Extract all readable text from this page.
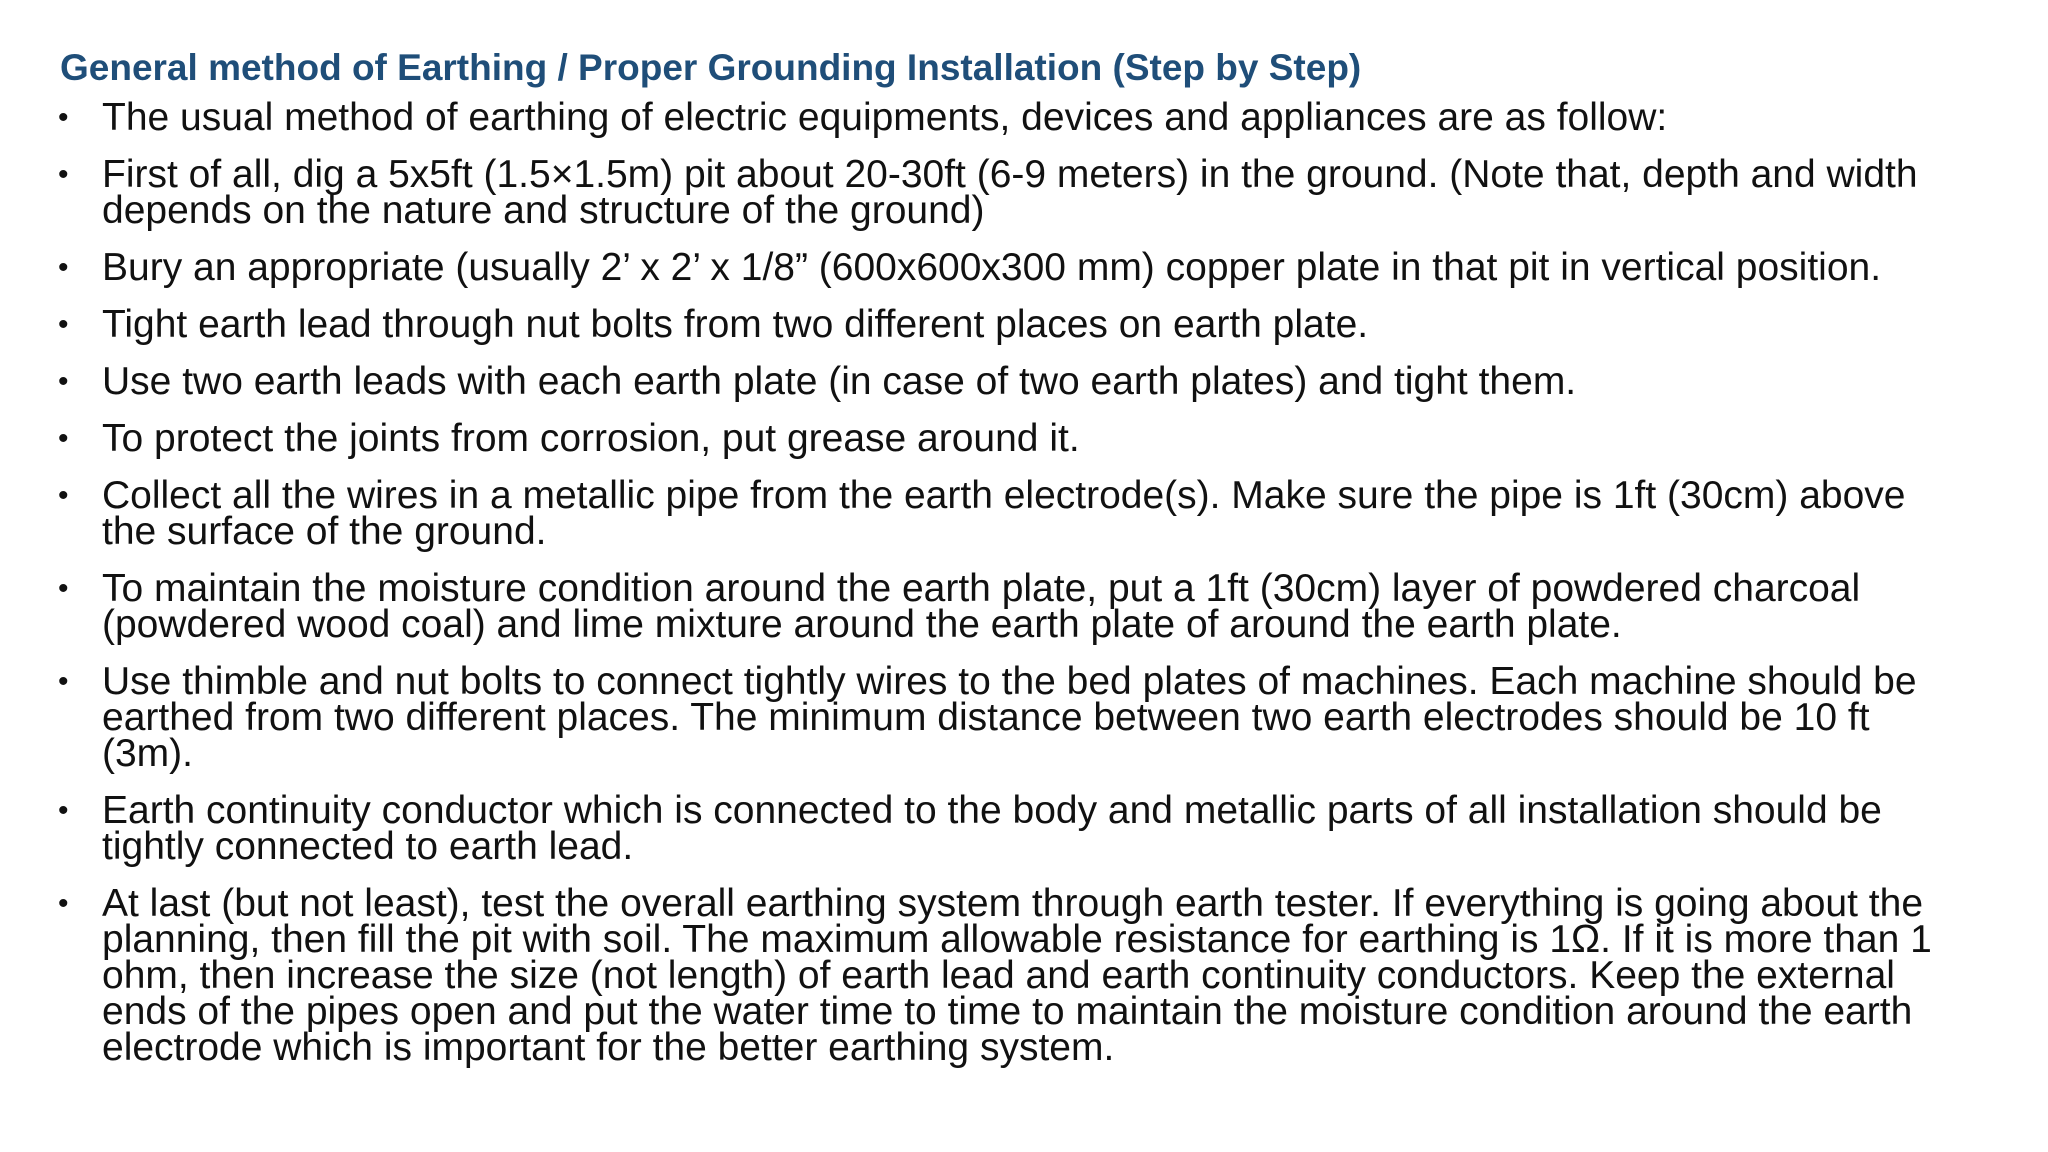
General method of Earthing / Proper Grounding Installation (Step by Step)
• The usual method of earthing of electric equipments, devices and appliances are as follow:
• First of all, dig a 5x5ft (1.5×1.5m) pit about 20-30ft (6-9 meters) in the ground. (Note that, depth and width depends on the nature and structure of the ground)
• Bury an appropriate (usually 2’ x 2’ x 1/8” (600x600x300 mm) copper plate in that pit in vertical position.
• Tight earth lead through nut bolts from two different places on earth plate.
• Use two earth leads with each earth plate (in case of two earth plates) and tight them.
• To protect the joints from corrosion, put grease around it.
• Collect all the wires in a metallic pipe from the earth electrode(s). Make sure the pipe is 1ft (30cm) above the surface of the ground.
• To maintain the moisture condition around the earth plate, put a 1ft (30cm) layer of powdered charcoal (powdered wood coal) and lime mixture around the earth plate of around the earth plate.
• Use thimble and nut bolts to connect tightly wires to the bed plates of machines. Each machine should be earthed from two different places. The minimum distance between two earth electrodes should be 10 ft (3m).
• Earth continuity conductor which is connected to the body and metallic parts of all installation should be tightly connected to earth lead.
• At last (but not least), test the overall earthing system through earth tester. If everything is going about the planning, then fill the pit with soil. The maximum allowable resistance for earthing is 1Ω. If it is more than 1 ohm, then increase the size (not length) of earth lead and earth continuity conductors. Keep the external ends of the pipes open and put the water time to time to maintain the moisture condition around the earth electrode which is important for the better earthing system.
